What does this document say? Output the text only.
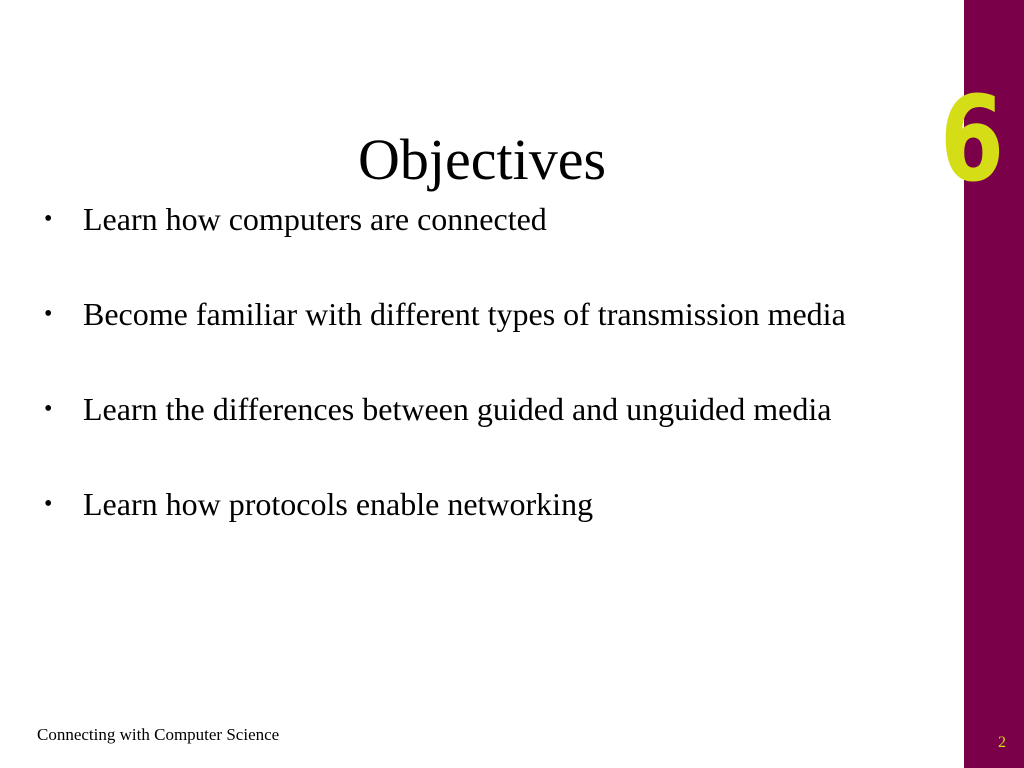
6
Objectives
• Learn how computers are connected
• Become familiar with different types of transmission media
• Learn the differences between guided and unguided media
• Learn how protocols enable networking
Connecting with Computer Science	2
